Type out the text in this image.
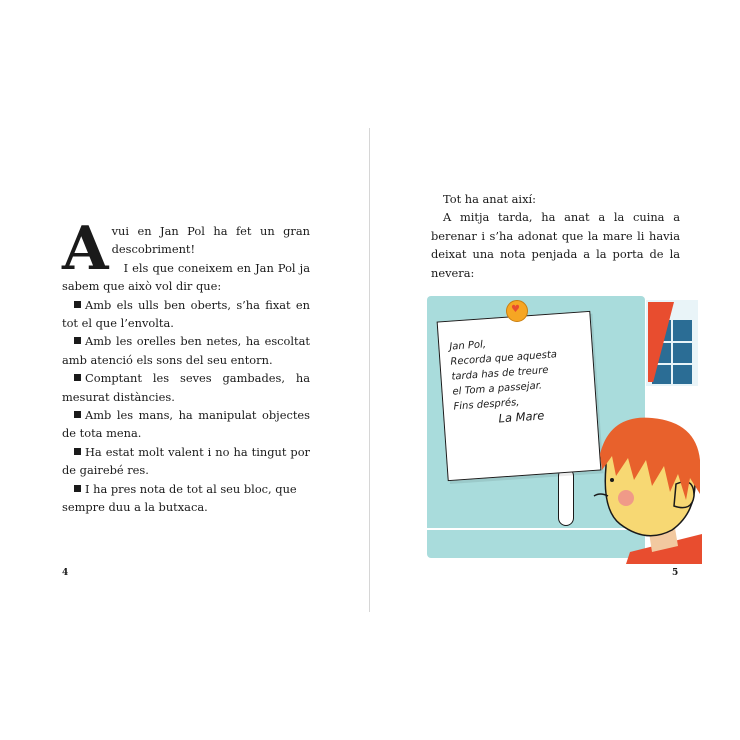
Avui en Jan Pol ha fet un gran descobriment!

I els que coneixem en Jan Pol ja sabem que això vol dir que:

Amb els ulls ben oberts, s’ha fixat en tot el que l’envolta.

Amb les orelles ben netes, ha escoltat amb atenció els sons del seu entorn.

Comptant les seves gambades, ha mesurat distàncies.

Amb les mans, ha manipulat objectes de tota mena.

Ha estat molt valent i no ha tingut por de gairebé res.

I ha pres nota de tot al seu bloc, que sempre duu a la butxaca.

4

Tot ha anat així:

A mitja tarda, ha anat a la cuina a berenar i s’ha adonat que la mare li havia deixat una nota penjada a la porta de la nevera:

5
Jan Pol,
Recorda que aquesta
tarda has de treure
el Tom a passejar.
Fins després,
La Mare
♥
